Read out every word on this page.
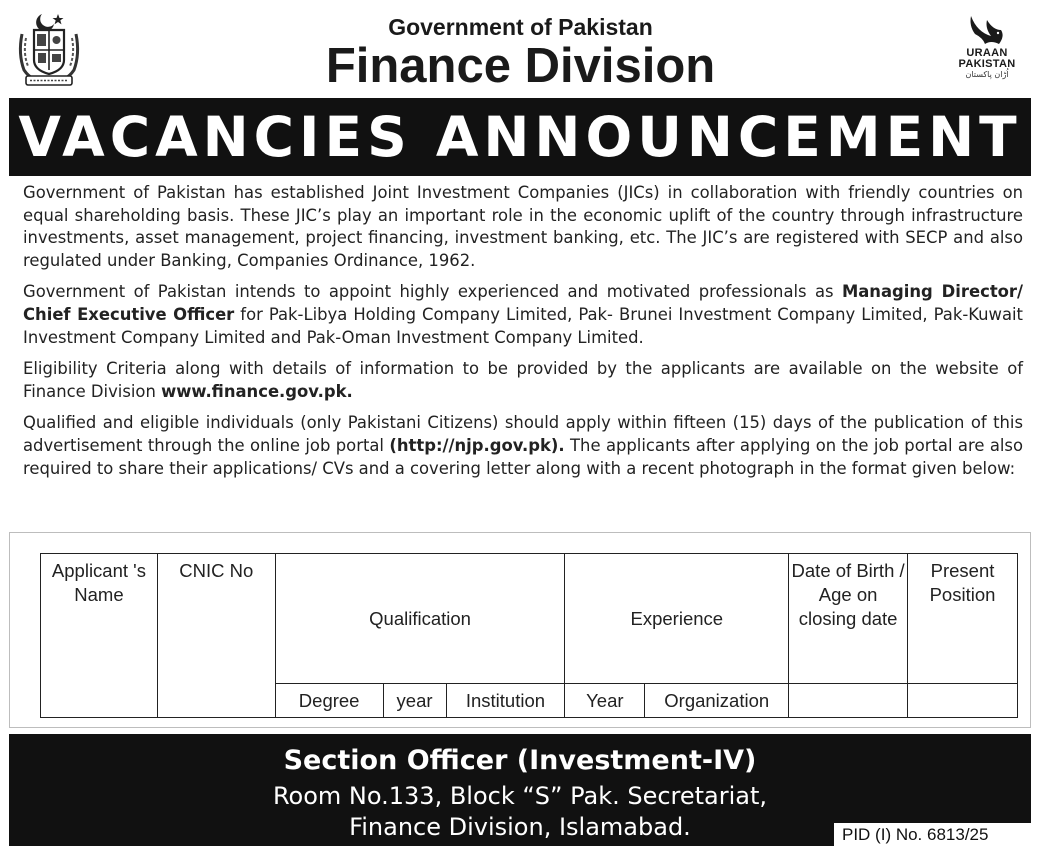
Government of Pakistan
Finance Division	URAAN
PAKISTAN
اُڑان پاکستان
VACANCIES ANNOUNCEMENT

Government of Pakistan has established Joint Investment Companies (JICs) in collaboration with friendly countries on equal shareholding basis. These JIC’s play an important role in the economic uplift of the country through infrastructure investments, asset management, project financing, investment banking, etc. The JIC’s are registered with SECP and also regulated under Banking, Companies Ordinance, 1962.

Government of Pakistan intends to appoint highly experienced and motivated professionals as Managing Director/ Chief Executive Officer for Pak-Libya Holding Company Limited, Pak- Brunei Investment Company Limited, Pak-Kuwait Investment Company Limited and Pak-Oman Investment Company Limited.

Eligibility Criteria along with details of information to be provided by the applicants are available on the website of Finance Division www.finance.gov.pk.

Qualified and eligible individuals (only Pakistani Citizens) should apply within fifteen (15) days of the publication of this advertisement through the online job portal (http://njp.gov.pk). The applicants after applying on the job portal are also required to share their applications/ CVs and a covering letter along with a recent photograph in the format given below:

Applicant 's Name	CNIC No	Qualification			Experience		Date of Birth / Age on closing date	Present Position
		Degree	year	Institution	Year	Organization		
Section Officer (Investment-IV)
Room No.133, Block “S” Pak. Secretariat,
Finance Division, Islamabad.	PID (I) No. 6813/25
